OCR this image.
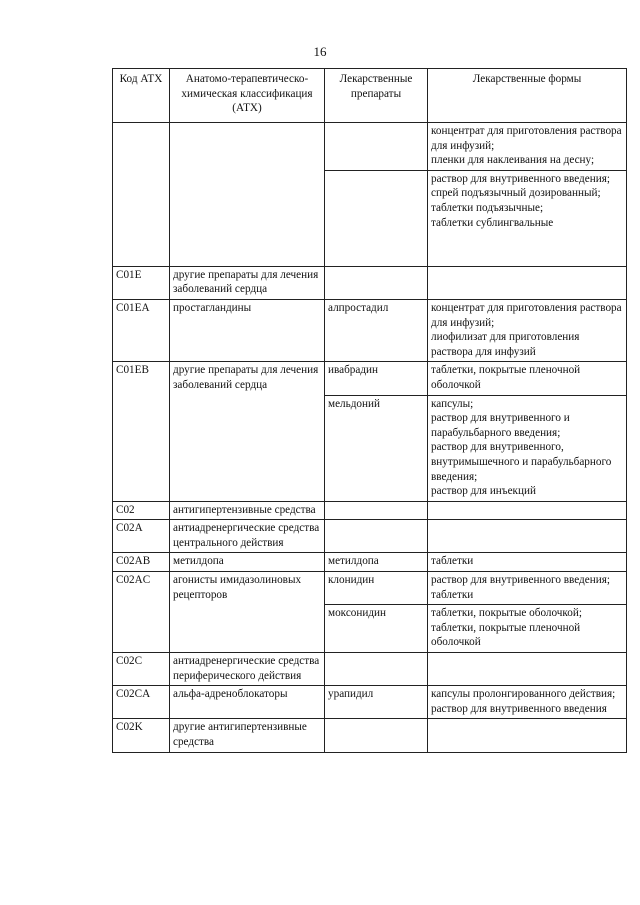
16
Код АТХ	Анатомо-терапевтическо-химическая классификация (АТХ)	Лекарственные препараты	Лекарственные формы

			концентрат для приготовления раствора для инфузий;
пленки для наклеивания на десну;

			раствор для внутривенного введения;
спрей подъязычный дозированный;
таблетки подъязычные;
таблетки сублингвальные

C01E	другие препараты для лечения заболеваний сердца		
C01EA	простагландины	алпростадил	концентрат для приготовления раствора для инфузий;
лиофилизат для приготовления раствора для инфузий

C01EB	другие препараты для лечения заболеваний сердца	ивабрадин	таблетки, покрытые пленочной оболочкой

		мельдоний	капсулы;
раствор для внутривенного и парабульбарного введения;
раствор для внутривенного, внутримышечного и парабульбарного введения;
раствор для инъекций

C02	антигипертензивные средства		
C02A	антиадренергические средства центрального действия		
C02AB	метилдопа	метилдопа	таблетки

C02AC	агонисты имидазолиновых рецепторов	клонидин	раствор для внутривенного введения;
таблетки

		моксонидин	таблетки, покрытые оболочкой;
таблетки, покрытые пленочной оболочкой

C02C	антиадренергические средства периферического действия		
C02CA	альфа-адреноблокаторы	урапидил	капсулы пролонгированного действия;
раствор для внутривенного введения

C02K	другие антигипертензивные средства		
